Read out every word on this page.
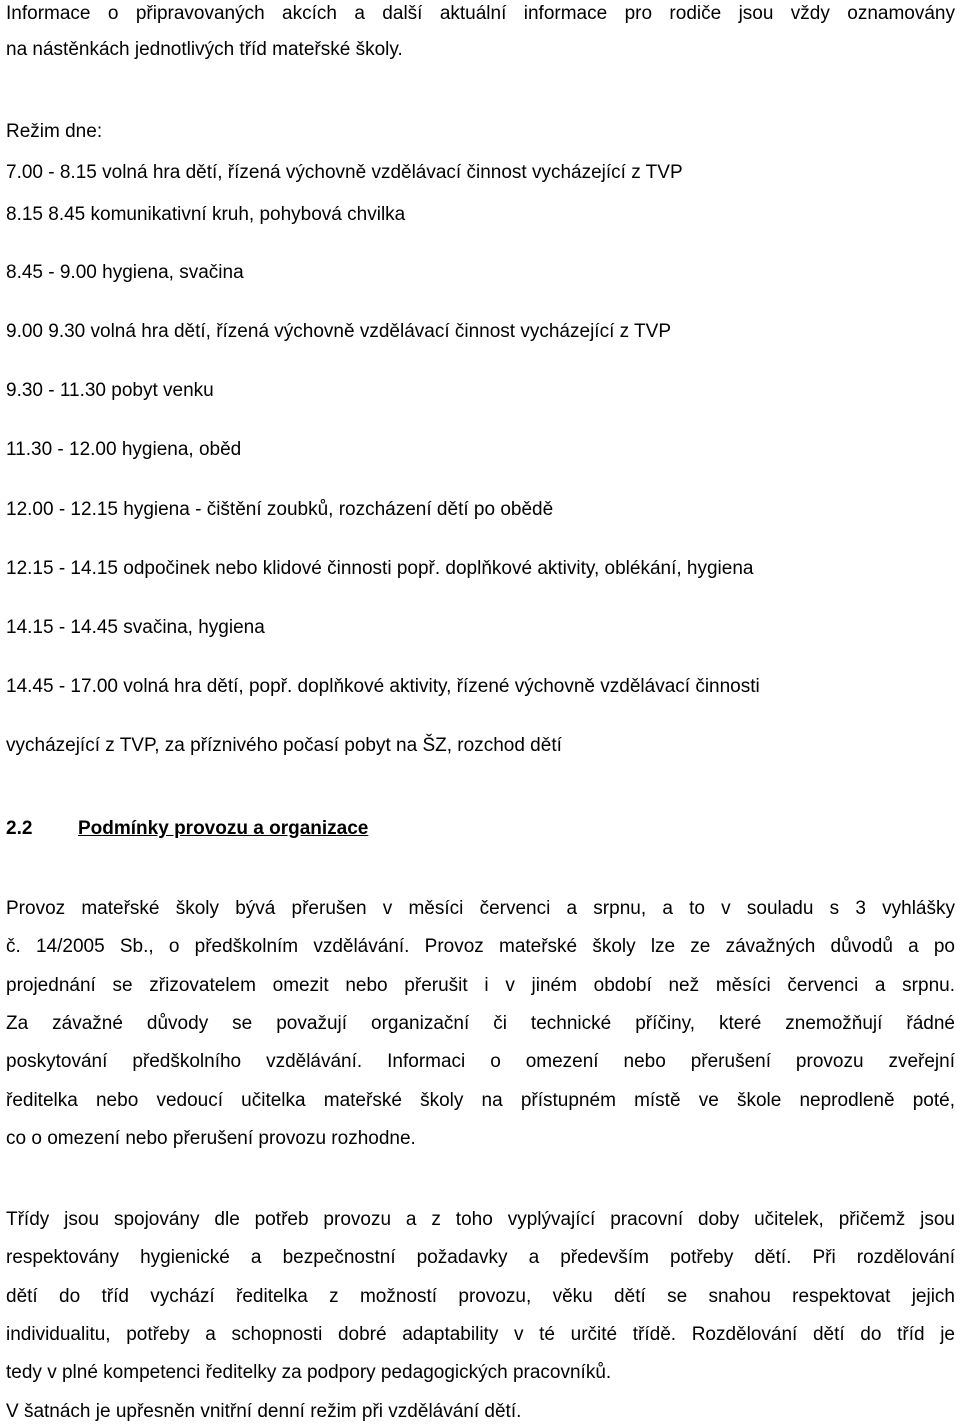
Informace o připravovaných akcích a další aktuální informace pro rodiče jsou vždy oznamovány
na nástěnkách jednotlivých tříd mateřské školy.
Režim dne:
7.00 - 8.15 volná hra dětí, řízená výchovně vzdělávací činnost vycházející z TVP
8.15 8.45 komunikativní kruh, pohybová chvilka
8.45 - 9.00 hygiena, svačina
9.00 9.30 volná hra dětí, řízená výchovně vzdělávací činnost vycházející z TVP
9.30 - 11.30 pobyt venku
11.30 - 12.00 hygiena, oběd
12.00 - 12.15 hygiena - čištění zoubků, rozcházení dětí po obědě
12.15 - 14.15 odpočinek nebo klidové činnosti popř. doplňkové aktivity, oblékání, hygiena
14.15 - 14.45 svačina, hygiena
14.45 - 17.00 volná hra dětí, popř. doplňkové aktivity, řízené výchovně vzdělávací činnosti
vycházející z TVP, za příznivého počasí pobyt na ŠZ, rozchod dětí
2.2 Podmínky provozu a organizace
Provoz mateřské školy bývá přerušen v měsíci červenci a srpnu, a to v souladu s 3 vyhlášky
č. 14/2005 Sb., o předškolním vzdělávání. Provoz mateřské školy lze ze závažných důvodů a po
projednání se zřizovatelem omezit nebo přerušit i v jiném období než měsíci červenci a srpnu.
Za závažné důvody se považují organizační či technické příčiny, které znemožňují řádné
poskytování předškolního vzdělávání. Informaci o omezení nebo přerušení provozu zveřejní
ředitelka nebo vedoucí učitelka mateřské školy na přístupném místě ve škole neprodleně poté,
co o omezení nebo přerušení provozu rozhodne.
Třídy jsou spojovány dle potřeb provozu a z toho vyplývající pracovní doby učitelek, přičemž jsou
respektovány hygienické a bezpečnostní požadavky a především potřeby dětí. Při rozdělování
dětí do tříd vychází ředitelka z možností provozu, věku dětí se snahou respektovat jejich
individualitu, potřeby a schopnosti dobré adaptability v té určité třídě. Rozdělování dětí do tříd je
tedy v plné kompetenci ředitelky za podpory pedagogických pracovníků.
V šatnách je upřesněn vnitřní denní režim při vzdělávání dětí.
